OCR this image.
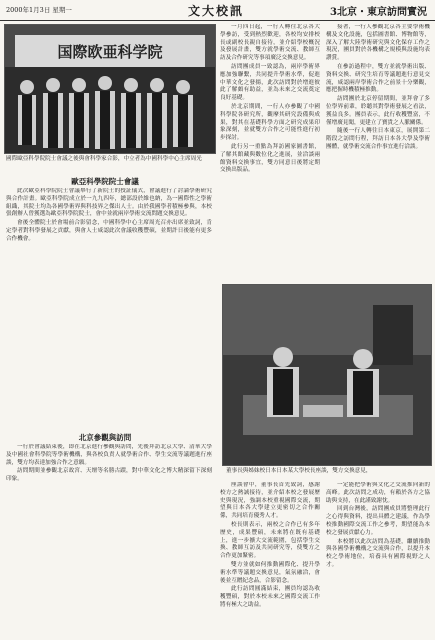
2000年1月3日 星期一	文大校訊	3北京・東京訪問實況
国際欧亜科学院
國際歐亞科學院院士會議之後與會科學家合影，中立者為中國科學中心主席周光
歐亞科學院院士會議

此次歐亞科學院院士會議舉行了新院士的授証儀式，會議進行了討論學術研究與合作計畫。歐亞科學院成立於一九九四年，總部設於維也納，為一國際性之學術組織，其院士均為各國學術界與科技界之傑出人士。由於我國學者積極參與，本校張創辦人曾獲選為歐亞科學院院士，會中並就兩岸學術交流問題交換意見。

會後全體院士於會場前合影留念，中國科學中心主席周光召亦出席並致詞，肯定學者對科學發展之貢獻，與會人士咸認此次會議收穫豐碩，並期許日後能有更多合作機會。

北京參觀與訪問

一行於會議結束後，即在北京進行參觀與訪問，先後拜訪北京大學、清華大學及中國社會科學院等學術機構，與各校負責人就學術合作、學生交流等議題進行座談，雙方均表達加強合作之意願。

訪問期間並參觀北京故宮、天壇等名勝古蹟，對中華文化之博大精深留下深刻印象。

一月四日起，一行人轉往北京各大學參訪，受到熱烈歡迎，各校均安排校長或副校長親自接待，並介紹學校概況及發展計畫，雙方就學術交流、教師互訪及合作研究等事項廣泛交換意見。

訪問團成員一致認為，兩岸學術界應加強聯繫，共同提升學術水準，促進中華文化之發揚，此次訪問對於增進彼此了解頗有助益，並為未來之交流奠定良好基礎。

於北京期間，一行人亦參觀了中國科學院各研究所，觀摩其研究設備與成果，對其在基礎科學方面之研究成果印象深刻，並就雙方合作之可能性進行初步探討。

此行另一重點為拜訪國家圖書館，了解其館藏與數位化之進展，並洽談兩館資料交換事宜，雙方同意日後將定期交換出版品。

接著，一行人參觀北京各主要學術機構及文化設施，包括圖書館、博物館等，深入了解大陸學術研究與文化保存工作之現況，團員對於各機構之規模與設施均表讚賞。

在參訪過程中，雙方並就學術出版、資料交換、研究生培育等議題進行意見交流，咸認兩岸學術合作之前景十分樂觀，應把握時機積極推動。

訪問團於北京停留期間，並拜會了多位學界前輩，聆聽其對學術發展之看法，獲益良多。團員表示，此行收穫豐富，不僅增廣見聞，更建立了寶貴之人脈關係。

隨後一行人轉往日本東京，展開第二階段之訪問行程，拜訪日本各大學及學術團體，就學術交流合作事宜進行洽談。

董事長與姊妹校日本日本某大學校長座談，雙方交換意見，

座談會中，董事長首先致詞，感謝校方之熱誠接待，並介紹本校之發展歷史與現況，強調本校重視國際交流，期望與日本各大學建立更密切之合作關係，共同培育優秀人才。

校長則表示，兩校之合作已有多年歷史，成果豐碩，未來將在既有基礎上，進一步擴大交流範圍，包括學生交換、教師互訪及共同研究等，使雙方之合作更加緊密。

雙方並就如何推動國際化、提升學術水準等議題交換意見，氣氛融洽，會後並互贈紀念品，合影留念。

此行訪問圓滿結束，團員均認為收穫豐碩，對於本校未來之國際交流工作將有極大之助益。

一定能把學術與文化之交流推向新的高峰。此次訪問之成功，有賴於各方之協助與支持，在此謹致謝忱。

回到台灣後，訪問團成員將整理此行之心得與資料，提出具體之建議，作為學校推動國際交流工作之參考，期望能為本校之發展貢獻心力。

本校將以此次訪問為基礎，繼續推動與各國學術機構之交流與合作，以提升本校之學術地位，培養具有國際視野之人才。
